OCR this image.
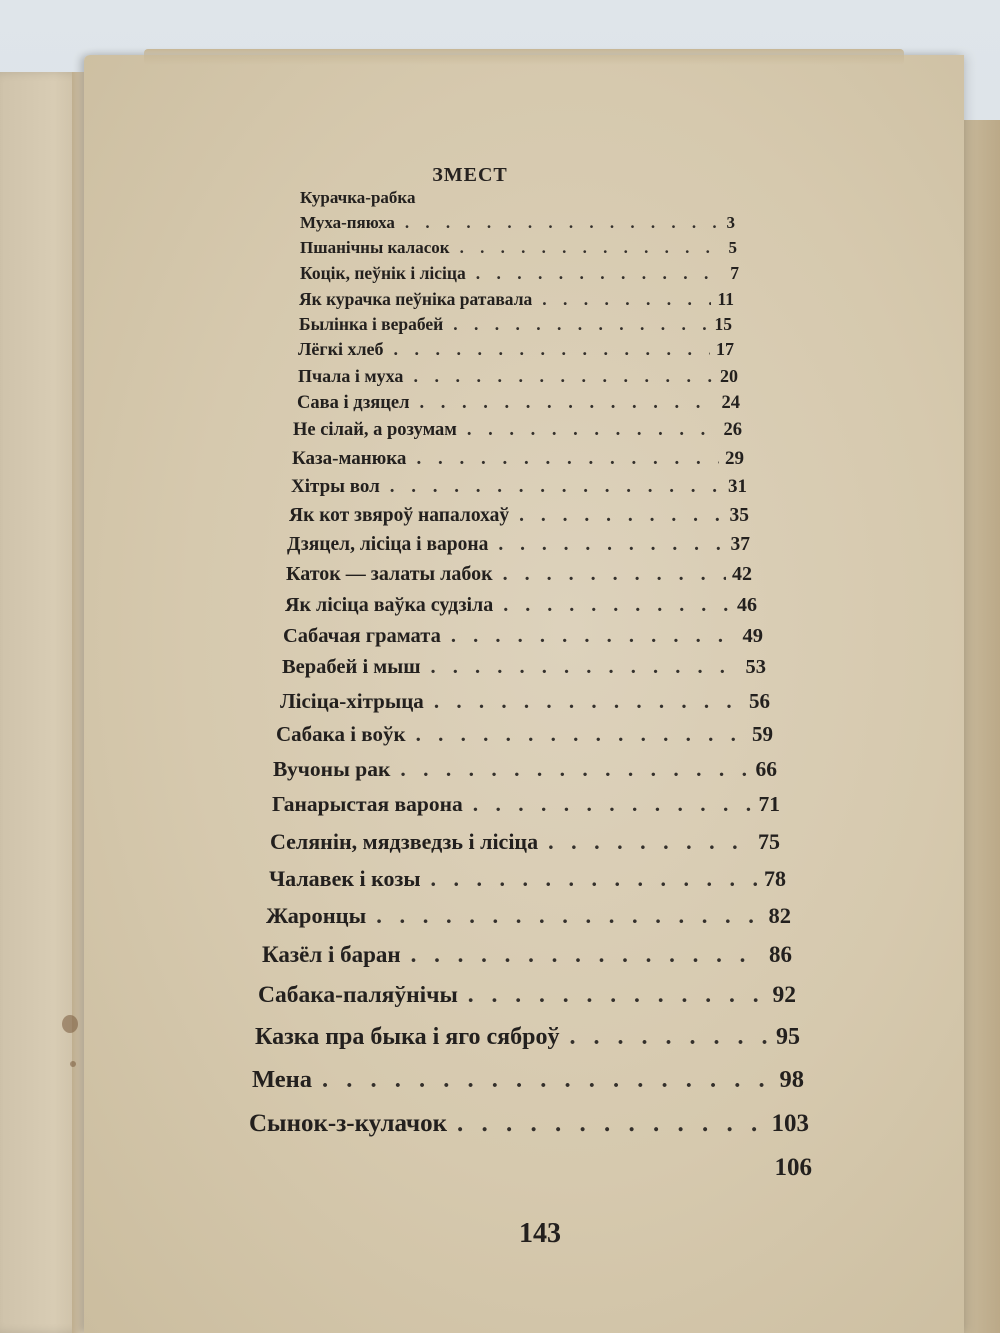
ЗМЕСТ
Курачка-рабка
Муха-пяюха . . .	3
Пшанічны каласок . . .	5
Коцік, пеўнік і лісіца . . .	7
Як курачка пеўніка ратавала . . .	11
Былінка і верабей . . .	15
Лёгкі хлеб . . .	17
Пчала і муха . . .	20
Сава і дзяцел . . .	24
Не сілай, а розумам . . .	26
Каза-манюка . . .	29
Хітры вол . . .	31
Як кот звяроў напалохаў . . .	35
Дзяцел, лісіца і варона . . .	37
Каток — залаты лабок . . .	42
Як лісіца ваўка судзіла . . .	46
Сабачая грамата . . .	49
Верабей і мыш . . .	53
Лісіца-хітрыца . . .	56
Сабака і воўк . . .	59
Вучоны рак . . .	66
Ганарыстая варона . . .	71
Селянін, мядзведзь і лісіца . . .	75
Чалавек і козы . . .	78
Жаронцы . . .	82
Казёл і баран . . .	86
Сабака-паляўнічы . . .	92
Казка пра быка і яго сяброў . . .	95
Мена . . .	98
Сынок-з-кулачок . . .	103
106
143
